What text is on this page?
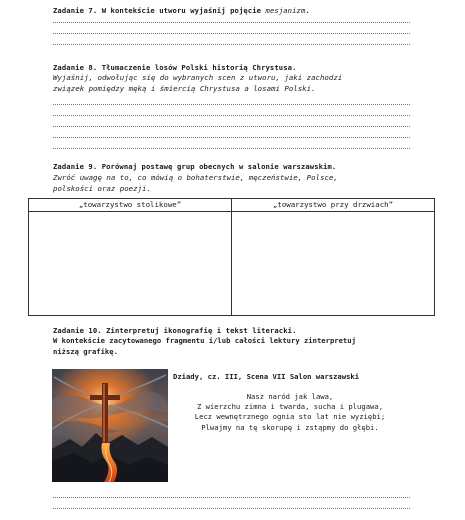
Zadanie 7. W kontekście utworu wyjaśnij pojęcie mesjanizm.
Zadanie 8. Tłumaczenie losów Polski historią Chrystusa.
Wyjaśnij, odwołując się do wybranych scen z utworu, jaki zachodzi
związek pomiędzy męką i śmiercią Chrystusa a losami Polski.
Zadanie 9. Porównaj postawę grup obecnych w salonie warszawskim.
Zwróć uwagę na to, co mówią o bohaterstwie, męczeństwie, Polsce,
polskości oraz poezji.
„towarzystwo stolikowe”	„towarzystwo przy drzwiach”
Zadanie 10. Zinterpretuj ikonografię i tekst literacki.
W kontekście zacytowanego fragmentu i/lub całości lektury zinterpretuj
niższą grafikę.
Dziady, cz. III, Scena VII Salon warszawski
Nasz naród jak lawa,
Z wierzchu zimna i twarda, sucha i plugawa,
Lecz wewnętrznego ognia sto lat nie wyziębi;
Plwajmy na tę skorupę i zstąpmy do głębi.
